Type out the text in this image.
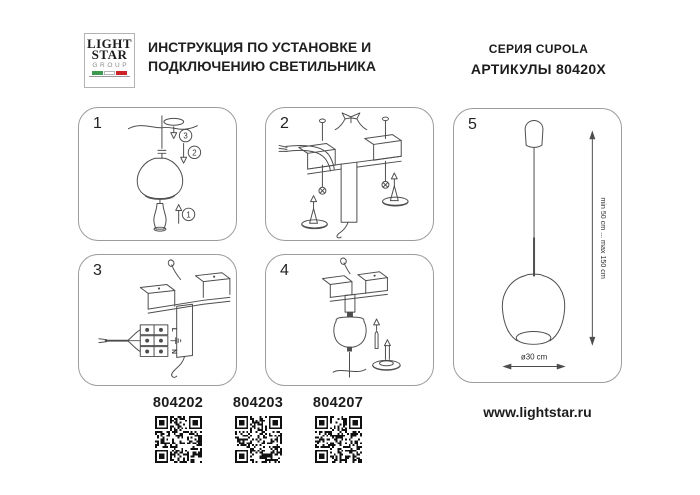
LIGHT
STAR
GROUP
ИНСТРУКЦИЯ ПО УСТАНОВКЕ И
ПОДКЛЮЧЕНИЮ СВЕТИЛЬНИКА
СЕРИЯ CUPOLA
АРТИКУЛЫ 80420X
3
2
1
1	2
L
N
3	4	min 50 cm ... max 150 cm
ø30 cm
5
804202	804203	804207
www.lightstar.ru
